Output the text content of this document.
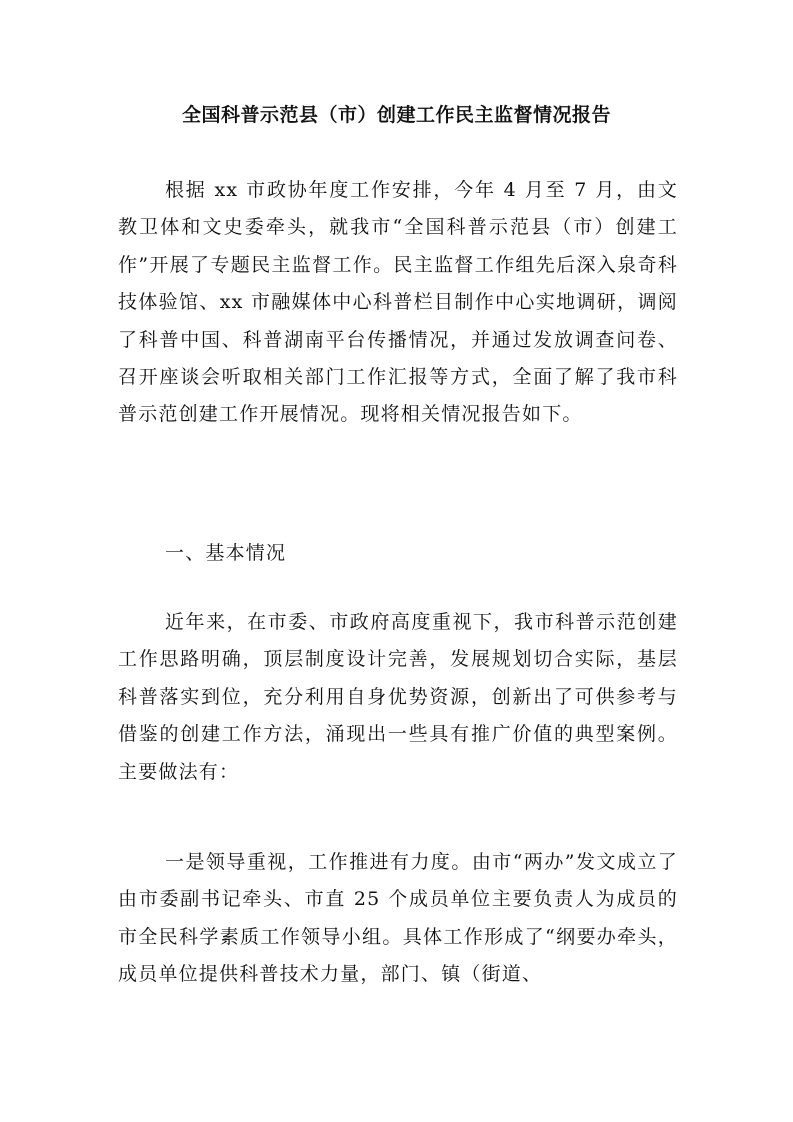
全国科普示范县（市）创建工作民主监督情况报告

根据 xx 市政协年度工作安排，今年 4 月至 7 月，由文教卫体和文史委牵头，就我市“全国科普示范县（市）创建工作”开展了专题民主监督工作。民主监督工作组先后深入泉奇科技体验馆、xx 市融媒体中心科普栏目制作中心实地调研，调阅了科普中国、科普湖南平台传播情况，并通过发放调查问卷、召开座谈会听取相关部门工作汇报等方式，全面了解了我市科普示范创建工作开展情况。现将相关情况报告如下。

一、基本情况

近年来，在市委、市政府高度重视下，我市科普示范创建工作思路明确，顶层制度设计完善，发展规划切合实际，基层科普落实到位，充分利用自身优势资源，创新出了可供参考与借鉴的创建工作方法，涌现出一些具有推广价值的典型案例。主要做法有：

一是领导重视，工作推进有力度。由市“两办”发文成立了由市委副书记牵头、市直 25 个成员单位主要负责人为成员的市全民科学素质工作领导小组。具体工作形成了“纲要办牵头，成员单位提供科普技术力量，部门、镇（街道、
